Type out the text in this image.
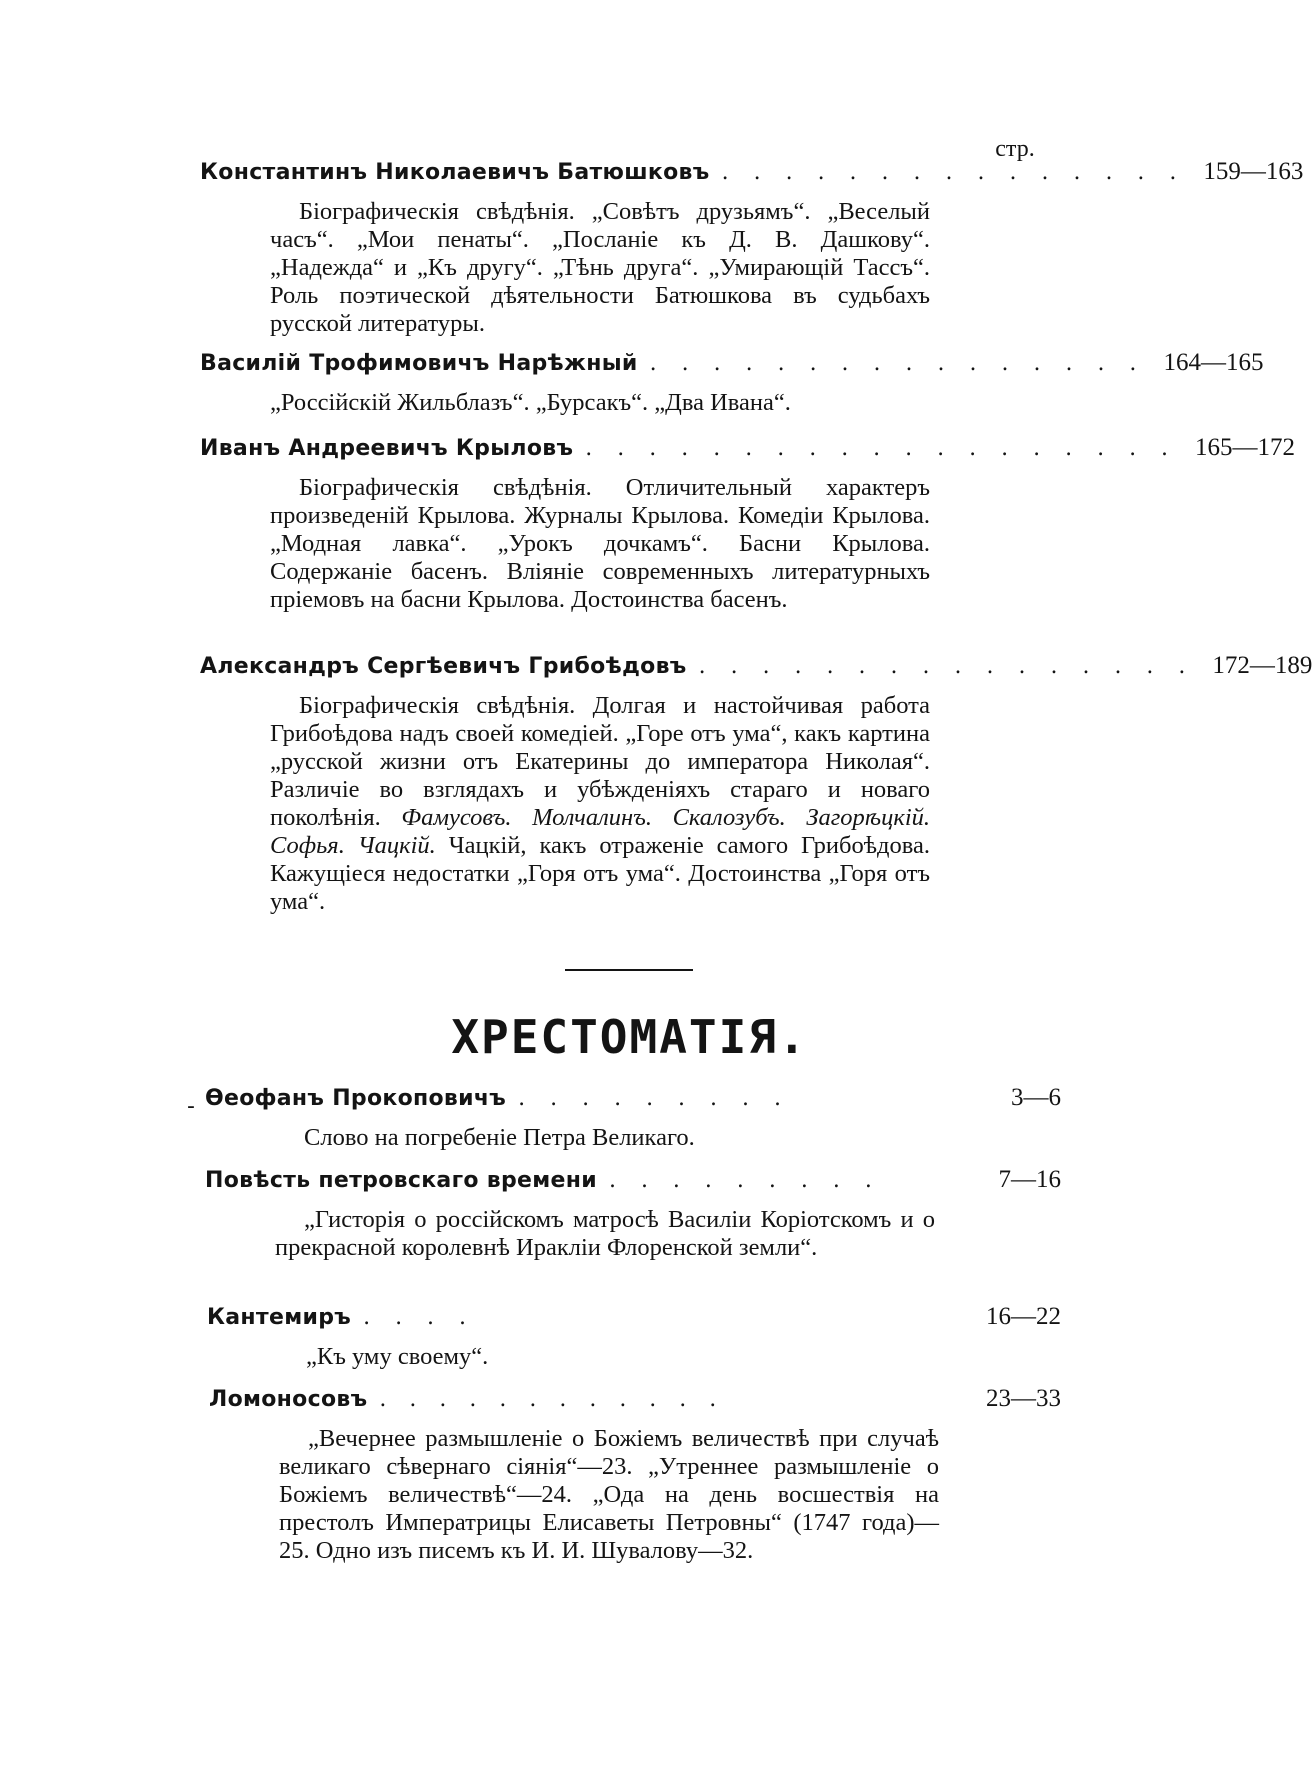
стр.
Константинъ Николаевичъ Батюшковъ . . . . . . . . . . . . . . . 159—163
Біографическія свѣдѣнія. „Совѣтъ друзьямъ“. „Веселый часъ“. „Мои пенаты“. „Посланіе къ Д. В. Дашкову“. „Надежда“ и „Къ другу“. „Тѣнь друга“. „Умирающій Тассъ“. Роль поэтической дѣятельности Батюшкова въ судьбахъ русской литературы.
Василій Трофимовичъ Нарѣжный . . . . . . . . . . . . . . . . 164—165
„Россійскій Жильблазъ“. „Бурсакъ“. „Два Ивана“.
Иванъ Андреевичъ Крыловъ . . . . . . . . . . . . . . . . . . . 165—172
Біографическія свѣдѣнія. Отличительный характеръ произведеній Крылова. Журналы Крылова. Комедіи Крылова. „Модная лавка“. „Урокъ дочкамъ“. Басни Крылова. Содержаніе басенъ. Вліяніе современныхъ литературныхъ пріемовъ на басни Крылова. Достоинства басенъ.
Александръ Сергѣевичъ Грибоѣдовъ . . . . . . . . . . . . . . . . 172—189
Біографическія свѣдѣнія. Долгая и настойчивая работа Грибоѣдова надъ своей комедіей. „Горе отъ ума“, какъ картина „русской жизни отъ Екатерины до императора Николая“. Различіе во взглядахъ и убѣжденіяхъ стараго и новаго поколѣнія. Фамусовъ. Молчалинъ. Скалозубъ. Загорѣцкій. Софья. Чацкій. Чацкій, какъ отраженіе самого Грибоѣдова. Кажущіеся недостатки „Горя отъ ума“. Достоинства „Горя отъ ума“.
ХРЕСТОМАТІЯ.
- Ѳеофанъ Прокоповичъ . . . . . . . . .	3—6
Слово на погребеніе Петра Великаго.
Повѣсть петровскаго времени . . . . . . . . .	7—16
„Гисторія о россійскомъ матросѣ Василіи Коріотскомъ и о прекрасной королевнѣ Иракліи Флоренской земли“.
Кантемиръ . . . .	16—22
„Къ уму своему“.
Ломоносовъ . . . . . . . . . . . .	23—33
„Вечернее размышленіе о Божіемъ величествѣ при случаѣ великаго сѣвернаго сіянія“—23. „Утреннее размышленіе о Божіемъ величествѣ“—24. „Ода на день восшествія на престолъ Императрицы Елисаветы Петровны“ (1747 года)—25. Одно изъ писемъ къ И. И. Шувалову—32.
